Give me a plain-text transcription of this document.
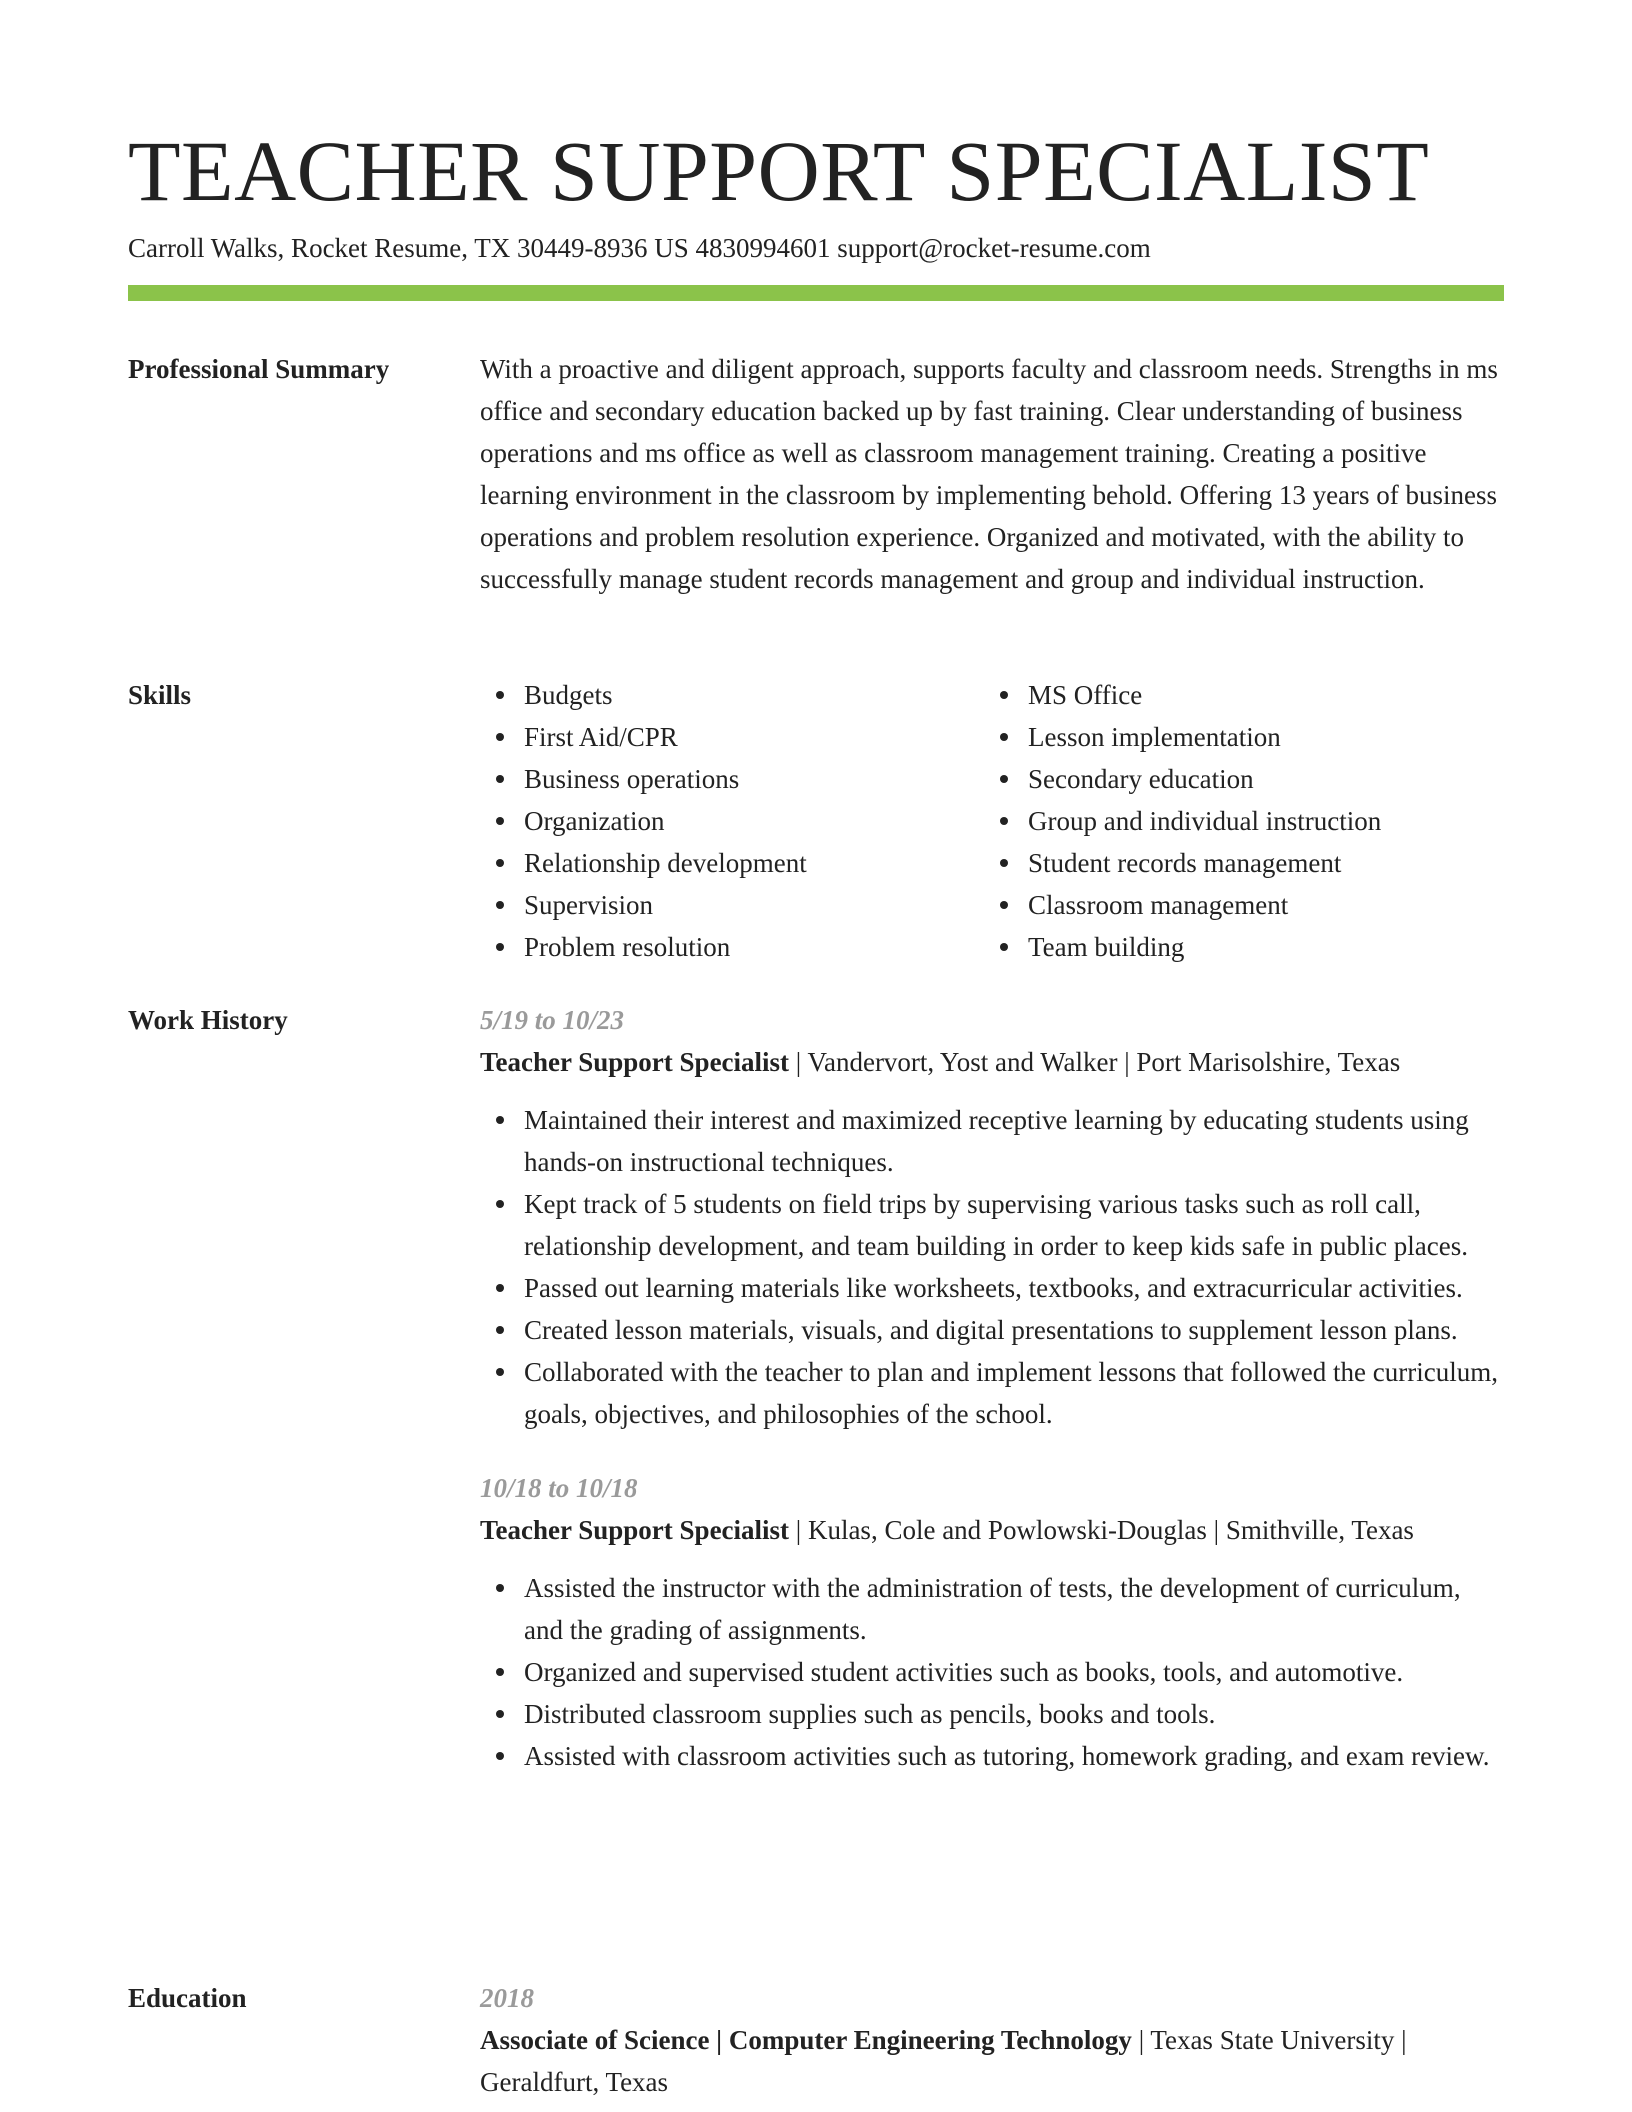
TEACHER SUPPORT SPECIALIST
Carroll Walks, Rocket Resume, TX 30449-8936 US 4830994601 support@rocket-resume.com
Professional Summary	With a proactive and diligent approach, supports faculty and classroom needs. Strengths in ms office and secondary education backed up by fast training. Clear understanding of business operations and ms office as well as classroom management training. Creating a positive learning environment in the classroom by implementing behold. Offering 13 years of business operations and problem resolution experience. Organized and motivated, with the ability to successfully manage student records management and group and individual instruction.
Skills	Budgets
First Aid/CPR
Business operations
Organization
Relationship development
Supervision
Problem resolution
MS Office
Lesson implementation
Secondary education
Group and individual instruction
Student records management
Classroom management
Team building
Work History	5/19 to 10/23
Teacher Support Specialist | Vandervort, Yost and Walker | Port Marisolshire, Texas
Maintained their interest and maximized receptive learning by educating students using hands-on instructional techniques.
Kept track of 5 students on field trips by supervising various tasks such as roll call, relationship development, and team building in order to keep kids safe in public places.
Passed out learning materials like worksheets, textbooks, and extracurricular activities.
Created lesson materials, visuals, and digital presentations to supplement lesson plans.
Collaborated with the teacher to plan and implement lessons that followed the curriculum, goals, objectives, and philosophies of the school.
10/18 to 10/18
Teacher Support Specialist | Kulas, Cole and Powlowski-Douglas | Smithville, Texas
Assisted the instructor with the administration of tests, the development of curriculum, and the grading of assignments.
Organized and supervised student activities such as books, tools, and automotive.
Distributed classroom supplies such as pencils, books and tools.
Assisted with classroom activities such as tutoring, homework grading, and exam review.
Education	2018
Associate of Science | Computer Engineering Technology | Texas State University | Geraldfurt, Texas
